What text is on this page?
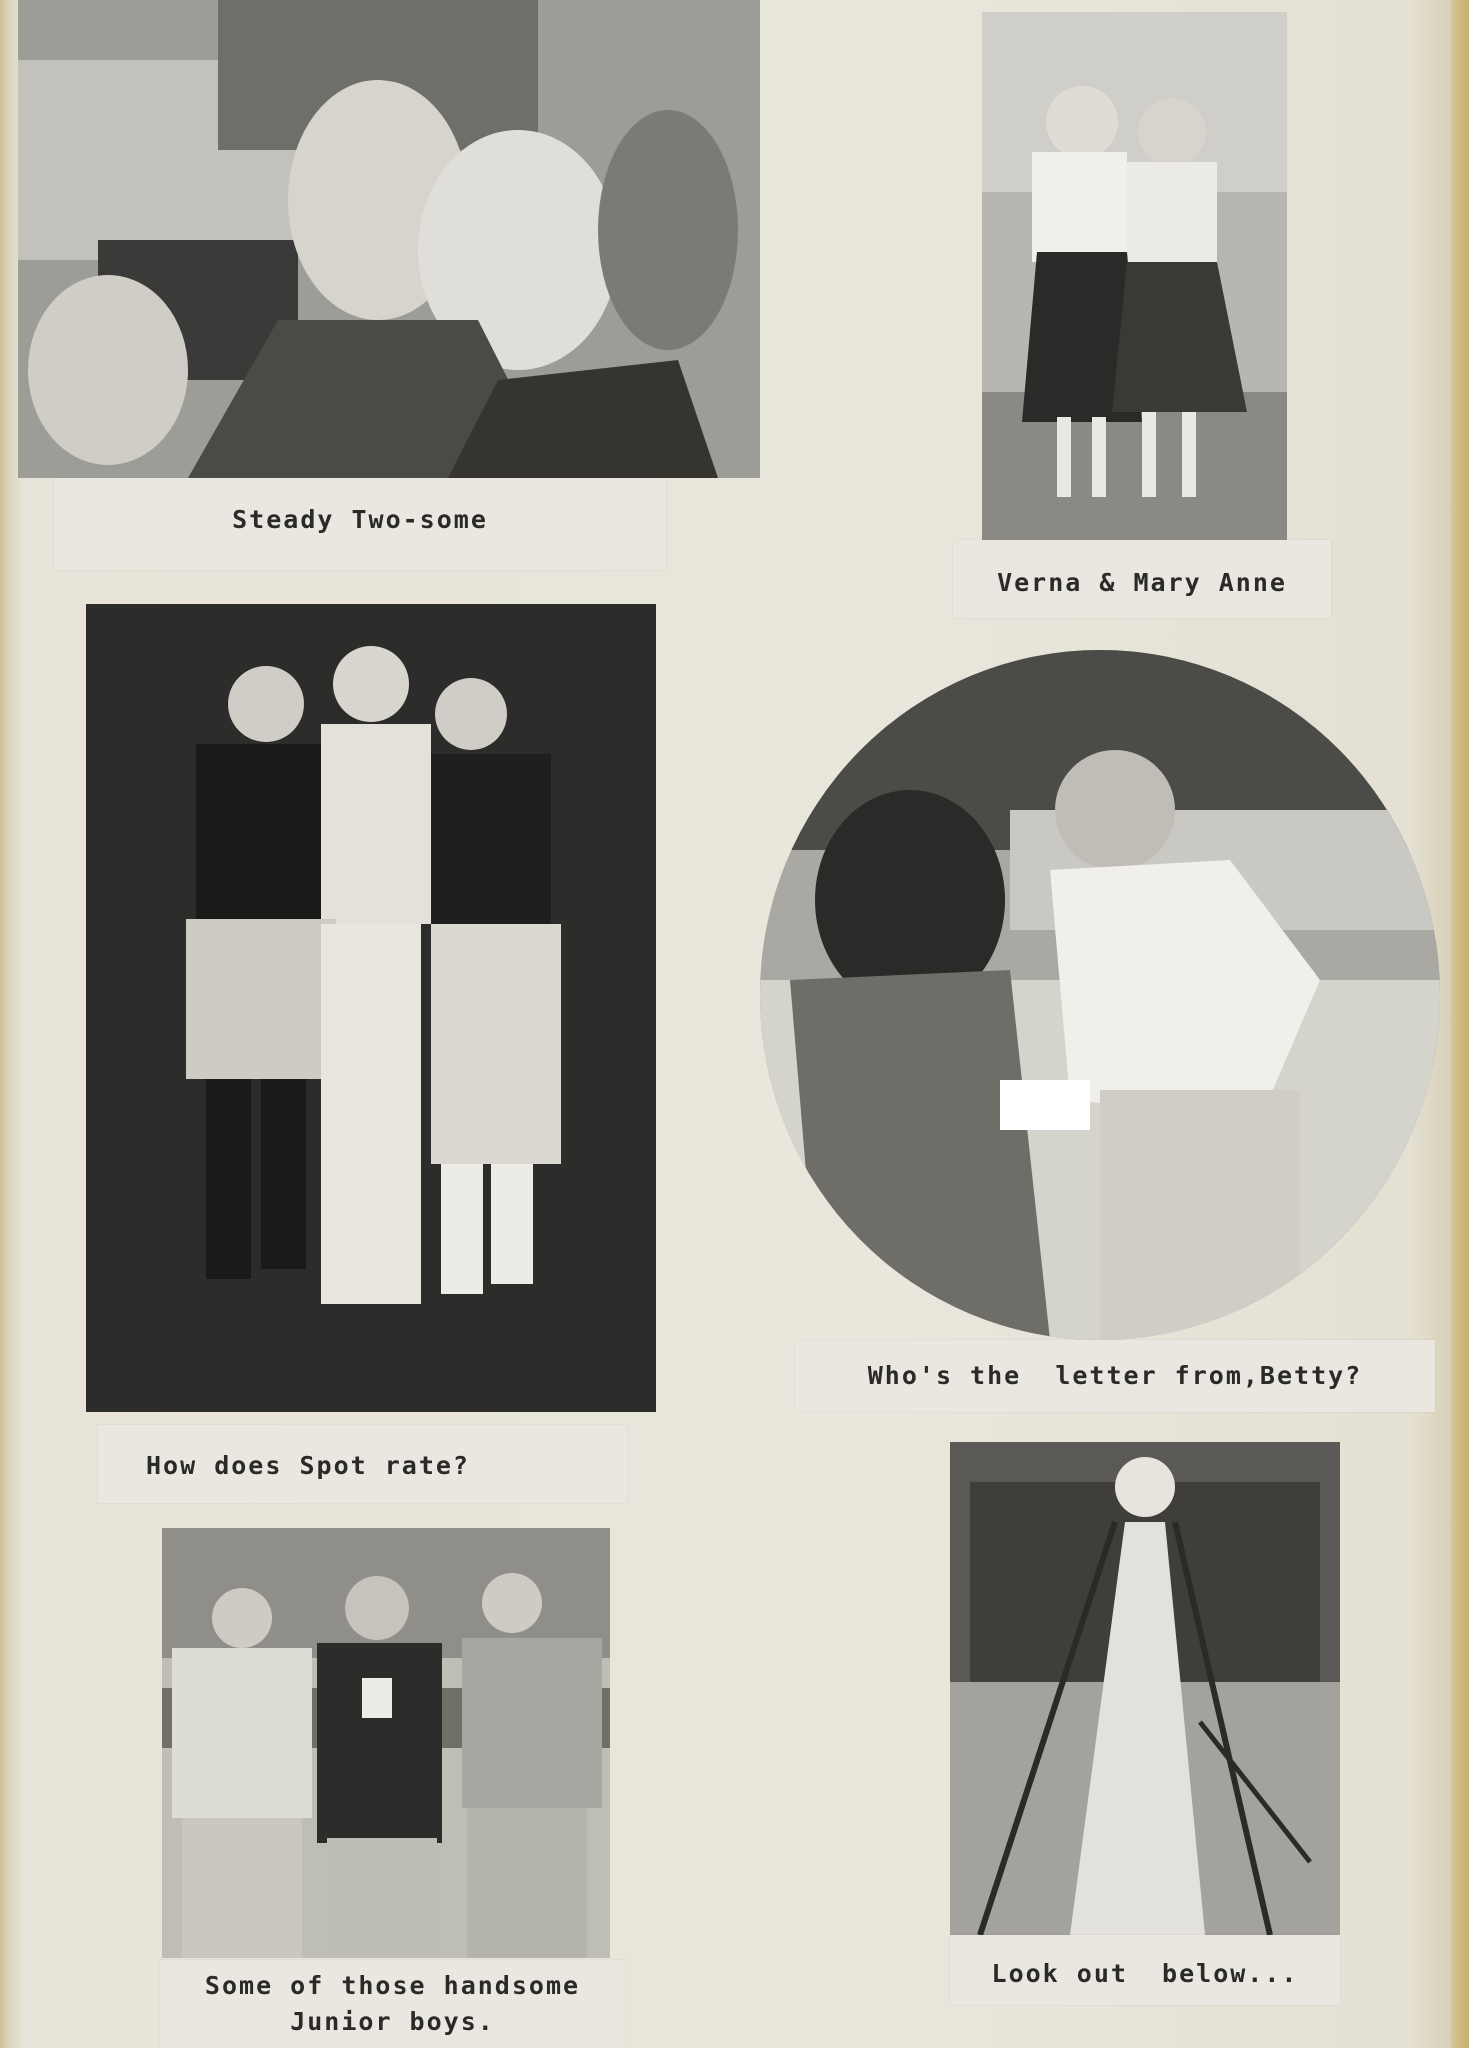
Steady Two-some
Verna & Mary Anne
How does Spot rate?
Who's the  letter from,Betty?
Some of those handsome
Junior boys.
Look out  below...
